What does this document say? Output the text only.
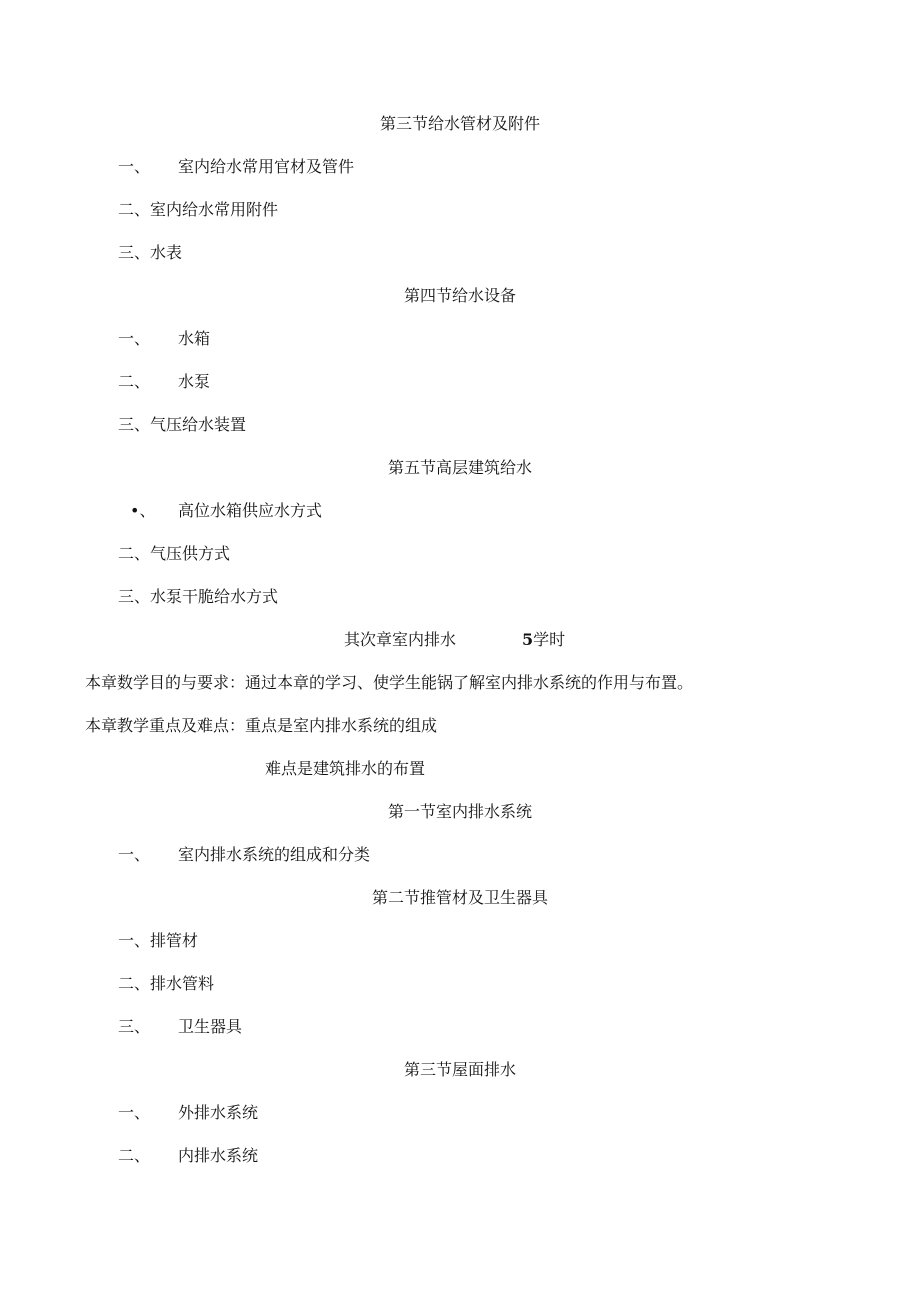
第三节给水管材及附件
一、 室内给水常用官材及管件
二、室内给水常用附件
三、水表
第四节给水设备
一、 水箱
二、 水泵
三、气压给水装置
第五节高层建筑给水
•、 高位水箱供应水方式
二、气压供方式
三、水泵干脆给水方式
其次章室内排水	5学时
本章数学目的与要求：通过本章的学习、使学生能锅了解室内排水系统的作用与布置。
本章教学重点及难点：重点是室内排水系统的组成
难点是建筑排水的布置
第一节室内排水系统
一、 室内排水系统的组成和分类
第二节推管材及卫生器具
一、排管材
二、排水管料
三、 卫生器具
第三节屋面排水
一、 外排水系统
二、 内排水系统
